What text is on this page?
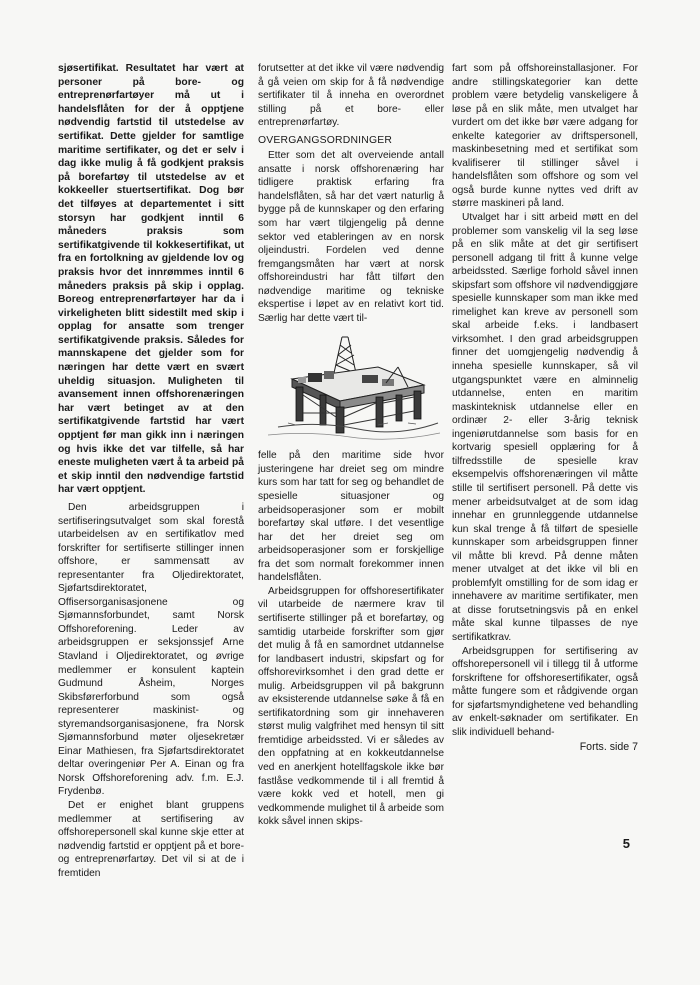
sjøsertifikat. Resultatet har vært at personer på bore- og entreprenørfartøyer må ut i handelsflåten for der å opptjene nødvendig fartstid til utstedelse av sertifikat. Dette gjelder for samtlige maritime sertifikater, og det er selv i dag ikke mulig å få godkjent praksis på borefartøy til utstedelse av et kokkeeller stuertsertifikat. Dog bør det tilføyes at departementet i sitt storsyn har godkjent inntil 6 måneders praksis som sertifikatgivende til kokkesertifikat, ut fra en fortolkning av gjeldende lov og praksis hvor det innrømmes inntil 6 måneders praksis på skip i opplag. Boreog entreprenørfartøyer har da i virkeligheten blitt sidestilt med skip i opplag for ansatte som trenger sertifikatgivende praksis. Således for mannskapene det gjelder som for næringen har dette vært en svært uheldig situasjon. Muligheten til avansement innen offshorenæringen har vært betinget av at den sertifikatgivende fartstid har vært opptjent før man gikk inn i næringen og hvis ikke det var tilfelle, så har eneste muligheten vært å ta arbeid på et skip inntil den nødvendige fartstid har vært opptjent.

Den arbeidsgruppen i sertifiseringsutvalget som skal forestå utarbeidelsen av en sertifikatlov med forskrifter for sertifiserte stillinger innen offshore, er sammensatt av representanter fra Oljedirektoratet, Sjøfartsdirektoratet, Offisersorganisasjonene og Sjømannsforbundet, samt Norsk Offshoreforening. Leder av arbeidsgruppen er seksjonssjef Arne Stavland i Oljedirektoratet, og øvrige medlemmer er konsulent kaptein Gudmund Åsheim, Norges Skibsførerforbund som også representerer maskinist- og styremandsorganisasjonene, fra Norsk Sjømannsforbund møter oljesekretær Einar Mathiesen, fra Sjøfartsdirektoratet deltar overingeniør Per A. Einan og fra Norsk Offshoreforening adv. f.m. E.J. Frydenbø.

Det er enighet blant gruppens medlemmer at sertifisering av offshorepersonell skal kunne skje etter at nødvendig fartstid er opptjent på et bore- og entreprenørfartøy. Det vil si at de i fremtiden

forutsetter at det ikke vil være nødvendig å gå veien om skip for å få nødvendige sertifikater til å inneha en overordnet stilling på et bore- eller entreprenørfartøy.

OVERGANGSORDNINGER

Etter som det alt overveiende antall ansatte i norsk offshorenæring har tidligere praktisk erfaring fra handelsflåten, så har det vært naturlig å bygge på de kunnskaper og den erfaring som har vært tilgjengelig på denne sektor ved etableringen av en norsk oljeindustri. Fordelen ved denne fremgangsmåten har vært at norsk offshoreindustri har fått tilført den nødvendige maritime og tekniske ekspertise i løpet av en relativt kort tid. Særlig har dette vært til-

felle på den maritime side hvor justeringene har dreiet seg om mindre kurs som har tatt for seg og behandlet de spesielle situasjoner og arbeidsoperasjoner som er mobilt borefartøy skal utføre. I det vesentlige har det her dreiet seg om arbeidsoperasjoner som er forskjellige fra det som normalt forekommer innen handelsflåten.

Arbeidsgruppen for offshoresertifikater vil utarbeide de nærmere krav til sertifiserte stillinger på et borefartøy, og samtidig utarbeide forskrifter som gjør det mulig å få en samordnet utdannelse for landbasert industri, skipsfart og for offshorevirksomhet i den grad dette er mulig. Arbeidsgruppen vil på bakgrunn av eksisterende utdannelse søke å få en sertifikatordning som gir innehaveren størst mulig valgfrihet med hensyn til sitt fremtidige arbeidssted. Vi er således av den oppfatning at en kokkeutdannelse ved en anerkjent hotellfagskole ikke bør fastlåse vedkommende til i all fremtid å være kokk ved et hotell, men gi vedkommende mulighet til å arbeide som kokk såvel innen skips-

fart som på offshoreinstallasjoner. For andre stillingskategorier kan dette problem være betydelig vanskeligere å løse på en slik måte, men utvalget har vurdert om det ikke bør være adgang for enkelte kategorier av driftspersonell, maskinbesetning med et sertifikat som kvalifiserer til stillinger såvel i handelsflåten som offshore og som vel også burde kunne nyttes ved drift av større maskineri på land.

Utvalget har i sitt arbeid møtt en del problemer som vanskelig vil la seg løse på en slik måte at det gir sertifisert personell adgang til fritt å kunne velge arbeidssted. Særlige forhold såvel innen skipsfart som offshore vil nødvendiggjøre spesielle kunnskaper som man ikke med rimelighet kan kreve av personell som skal arbeide f.eks. i landbasert virksomhet. I den grad arbeidsgruppen finner det uomgjengelig nødvendig å inneha spesielle kunnskaper, så vil utgangspunktet være en alminnelig utdannelse, enten en maritim maskinteknisk utdannelse eller en ordinær 2- eller 3-årig teknisk ingeniørutdannelse som basis for en kortvarig spesiell opplæring for å tilfredsstille de spesielle krav eksempelvis offshorenæringen vil måtte stille til sertifisert personell. På dette vis mener arbeidsutvalget at de som idag innehar en grunnleggende utdannelse kun skal trenge å få tilført de spesielle kunnskaper som arbeidsgruppen finner vil måtte bli krevd. På denne måten mener utvalget at det ikke vil bli en problemfylt omstilling for de som idag er innehavere av maritime sertifikater, men at disse forutsetningsvis på en enkel måte skal kunne tilpasses de nye sertifikatkrav.

Arbeidsgruppen for sertifisering av offshorepersonell vil i tillegg til å utforme forskriftene for offshoresertifikater, også måtte fungere som et rådgivende organ for sjøfartsmyndighetene ved behandling av enkelt-søknader om sertifikater. En slik individuell behand-

Forts. side 7
5
